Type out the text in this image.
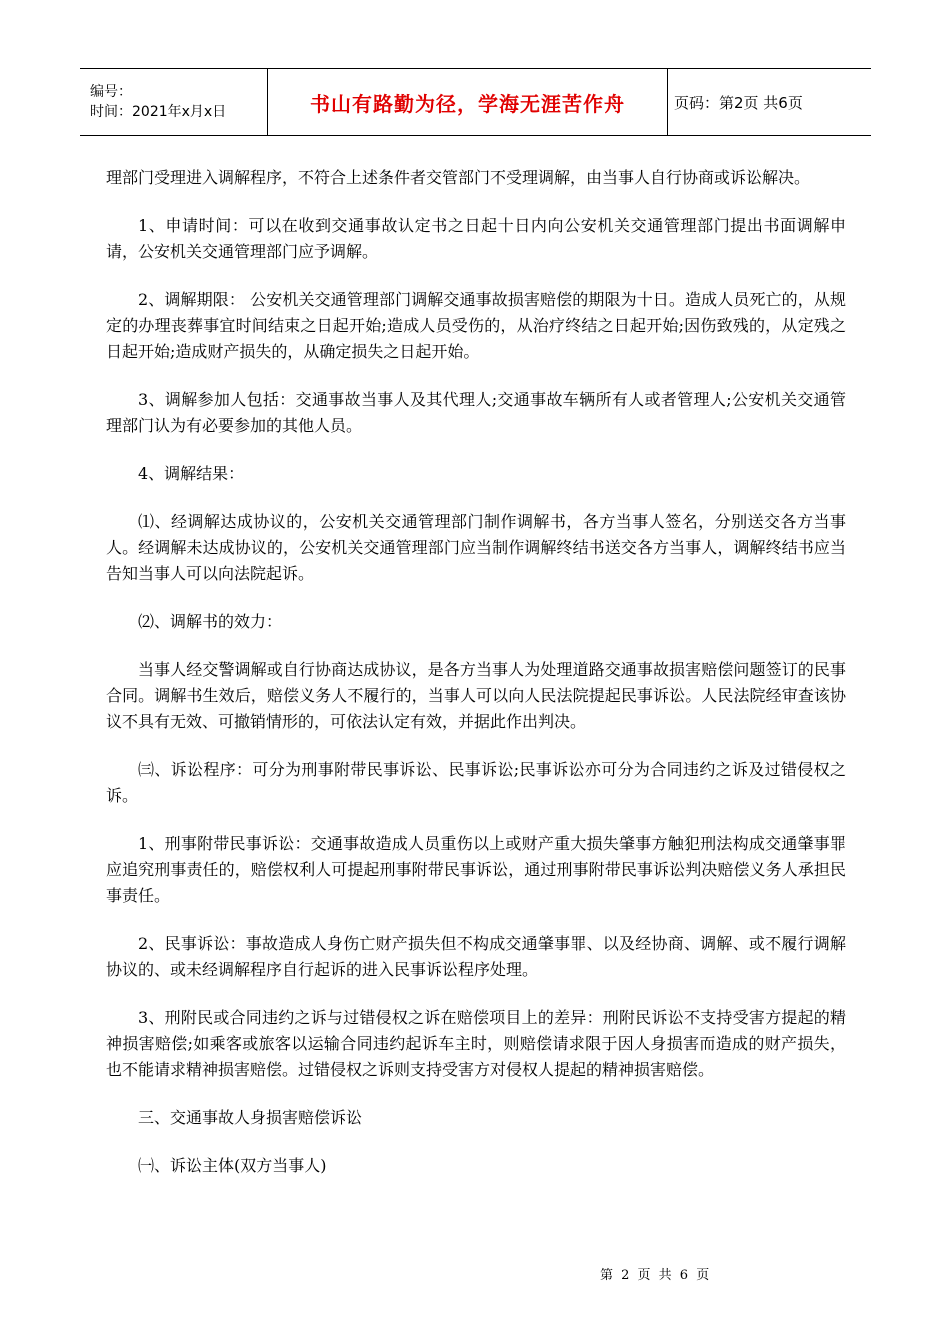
编号：
时间：2021年x月x日	书山有路勤为径，学海无涯苦作舟	页码：第2页 共6页

理部门受理进入调解程序，不符合上述条件者交管部门不受理调解，由当事人自行协商或诉讼解决。

1、申请时间：可以在收到交通事故认定书之日起十日内向公安机关交通管理部门提出书面调解申请，公安机关交通管理部门应予调解。

2、调解期限： 公安机关交通管理部门调解交通事故损害赔偿的期限为十日。造成人员死亡的，从规定的办理丧葬事宜时间结束之日起开始;造成人员受伤的，从治疗终结之日起开始;因伤致残的，从定残之日起开始;造成财产损失的，从确定损失之日起开始。

3、调解参加人包括：交通事故当事人及其代理人;交通事故车辆所有人或者管理人;公安机关交通管理部门认为有必要参加的其他人员。

4、调解结果：

⑴、经调解达成协议的，公安机关交通管理部门制作调解书，各方当事人签名，分别送交各方当事人。经调解未达成协议的，公安机关交通管理部门应当制作调解终结书送交各方当事人，调解终结书应当告知当事人可以向法院起诉。

⑵、调解书的效力：

当事人经交警调解或自行协商达成协议，是各方当事人为处理道路交通事故损害赔偿问题签订的民事合同。调解书生效后，赔偿义务人不履行的，当事人可以向人民法院提起民事诉讼。人民法院经审查该协议不具有无效、可撤销情形的，可依法认定有效，并据此作出判决。

㈢、诉讼程序：可分为刑事附带民事诉讼、民事诉讼;民事诉讼亦可分为合同违约之诉及过错侵权之诉。

1、刑事附带民事诉讼：交通事故造成人员重伤以上或财产重大损失肇事方触犯刑法构成交通肇事罪应追究刑事责任的，赔偿权利人可提起刑事附带民事诉讼，通过刑事附带民事诉讼判决赔偿义务人承担民事责任。

2、民事诉讼：事故造成人身伤亡财产损失但不构成交通肇事罪、以及经协商、调解、或不履行调解协议的、或未经调解程序自行起诉的进入民事诉讼程序处理。

3、刑附民或合同违约之诉与过错侵权之诉在赔偿项目上的差异：刑附民诉讼不支持受害方提起的精神损害赔偿;如乘客或旅客以运输合同违约起诉车主时，则赔偿请求限于因人身损害而造成的财产损失，也不能请求精神损害赔偿。过错侵权之诉则支持受害方对侵权人提起的精神损害赔偿。

三、交通事故人身损害赔偿诉讼

㈠、诉讼主体(双方当事人)

第 2 页 共 6 页
